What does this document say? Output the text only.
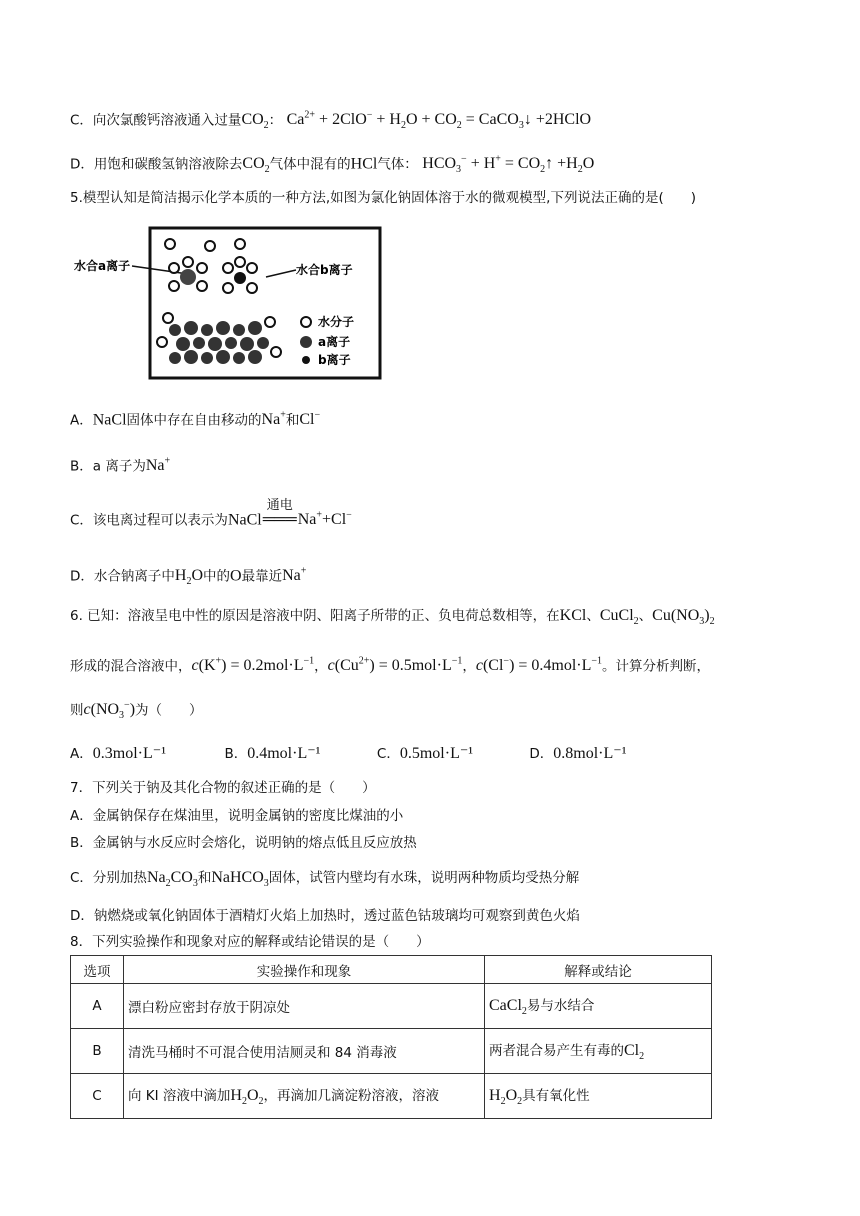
C．向次氯酸钙溶液通入过量$CO_2$： $Ca^{2+} + 2ClO^- + H_2O + CO_2$ = CaCO$_3$↓ +2HClO
D．用饱和碳酸氢钠溶液除去$CO_2$气体中混有的HCl气体： $HCO_3^- + H^+$ = $CO_2↑ +H_2O$
5.模型认知是简洁揭示化学本质的一种方法,如图为氯化钠固体溶于水的微观模型,下列说法正确的是(　　)
水合a离子	水合b离子
水分子
a离子
b离子
A．NaCl固体中存在自由移动的Na+和Cl−
B．a 离子为Na+
C．该电离过程可以表示为NaCl
通电
═══Na++Cl−
D．水合钠离子中$H_2O$中的O最靠近Na+
6. 已知：溶液呈电中性的原因是溶液中阴、阳离子所带的正、负电荷总数相等，在KCl、CuCl$_2$、$Cu(NO_3)_2$
形成的混合溶液中，$c(K^+) = 0.2mol\cdot L^{-1}$，$c(Cu^{2+}) = 0.5mol\cdot L^{-1}$，$c(Cl^-) = 0.4mol\cdot L^{-1}$。计算分析判断，
则$c(NO_3^-)$为（　　）
A．0.3mol·L⁻¹	B．0.4mol·L⁻¹	C．0.5mol·L⁻¹	D．0.8mol·L⁻¹
7．下列关于钠及其化合物的叙述正确的是（　　）
A．金属钠保存在煤油里，说明金属钠的密度比煤油的小
B．金属钠与水反应时会熔化，说明钠的熔点低且反应放热
C．分别加热$Na_2CO_3$和NaHCO$_3$固体，试管内壁均有水珠，说明两种物质均受热分解
D．钠燃烧或氧化钠固体于酒精灯火焰上加热时，透过蓝色钴玻璃均可观察到黄色火焰
8．下列实验操作和现象对应的解释或结论错误的是（　　）
选项	实验操作和现象	解释或结论
A	漂白粉应密封存放于阴凉处	CaCl$_2$易与水结合
B	清洗马桶时不可混合使用洁厕灵和 84 消毒液	两者混合易产生有毒的$Cl_2$
C	向 KI 溶液中滴加$H_2O_2$，再滴加几滴淀粉溶液，溶液	$H_2O_2$具有氧化性
